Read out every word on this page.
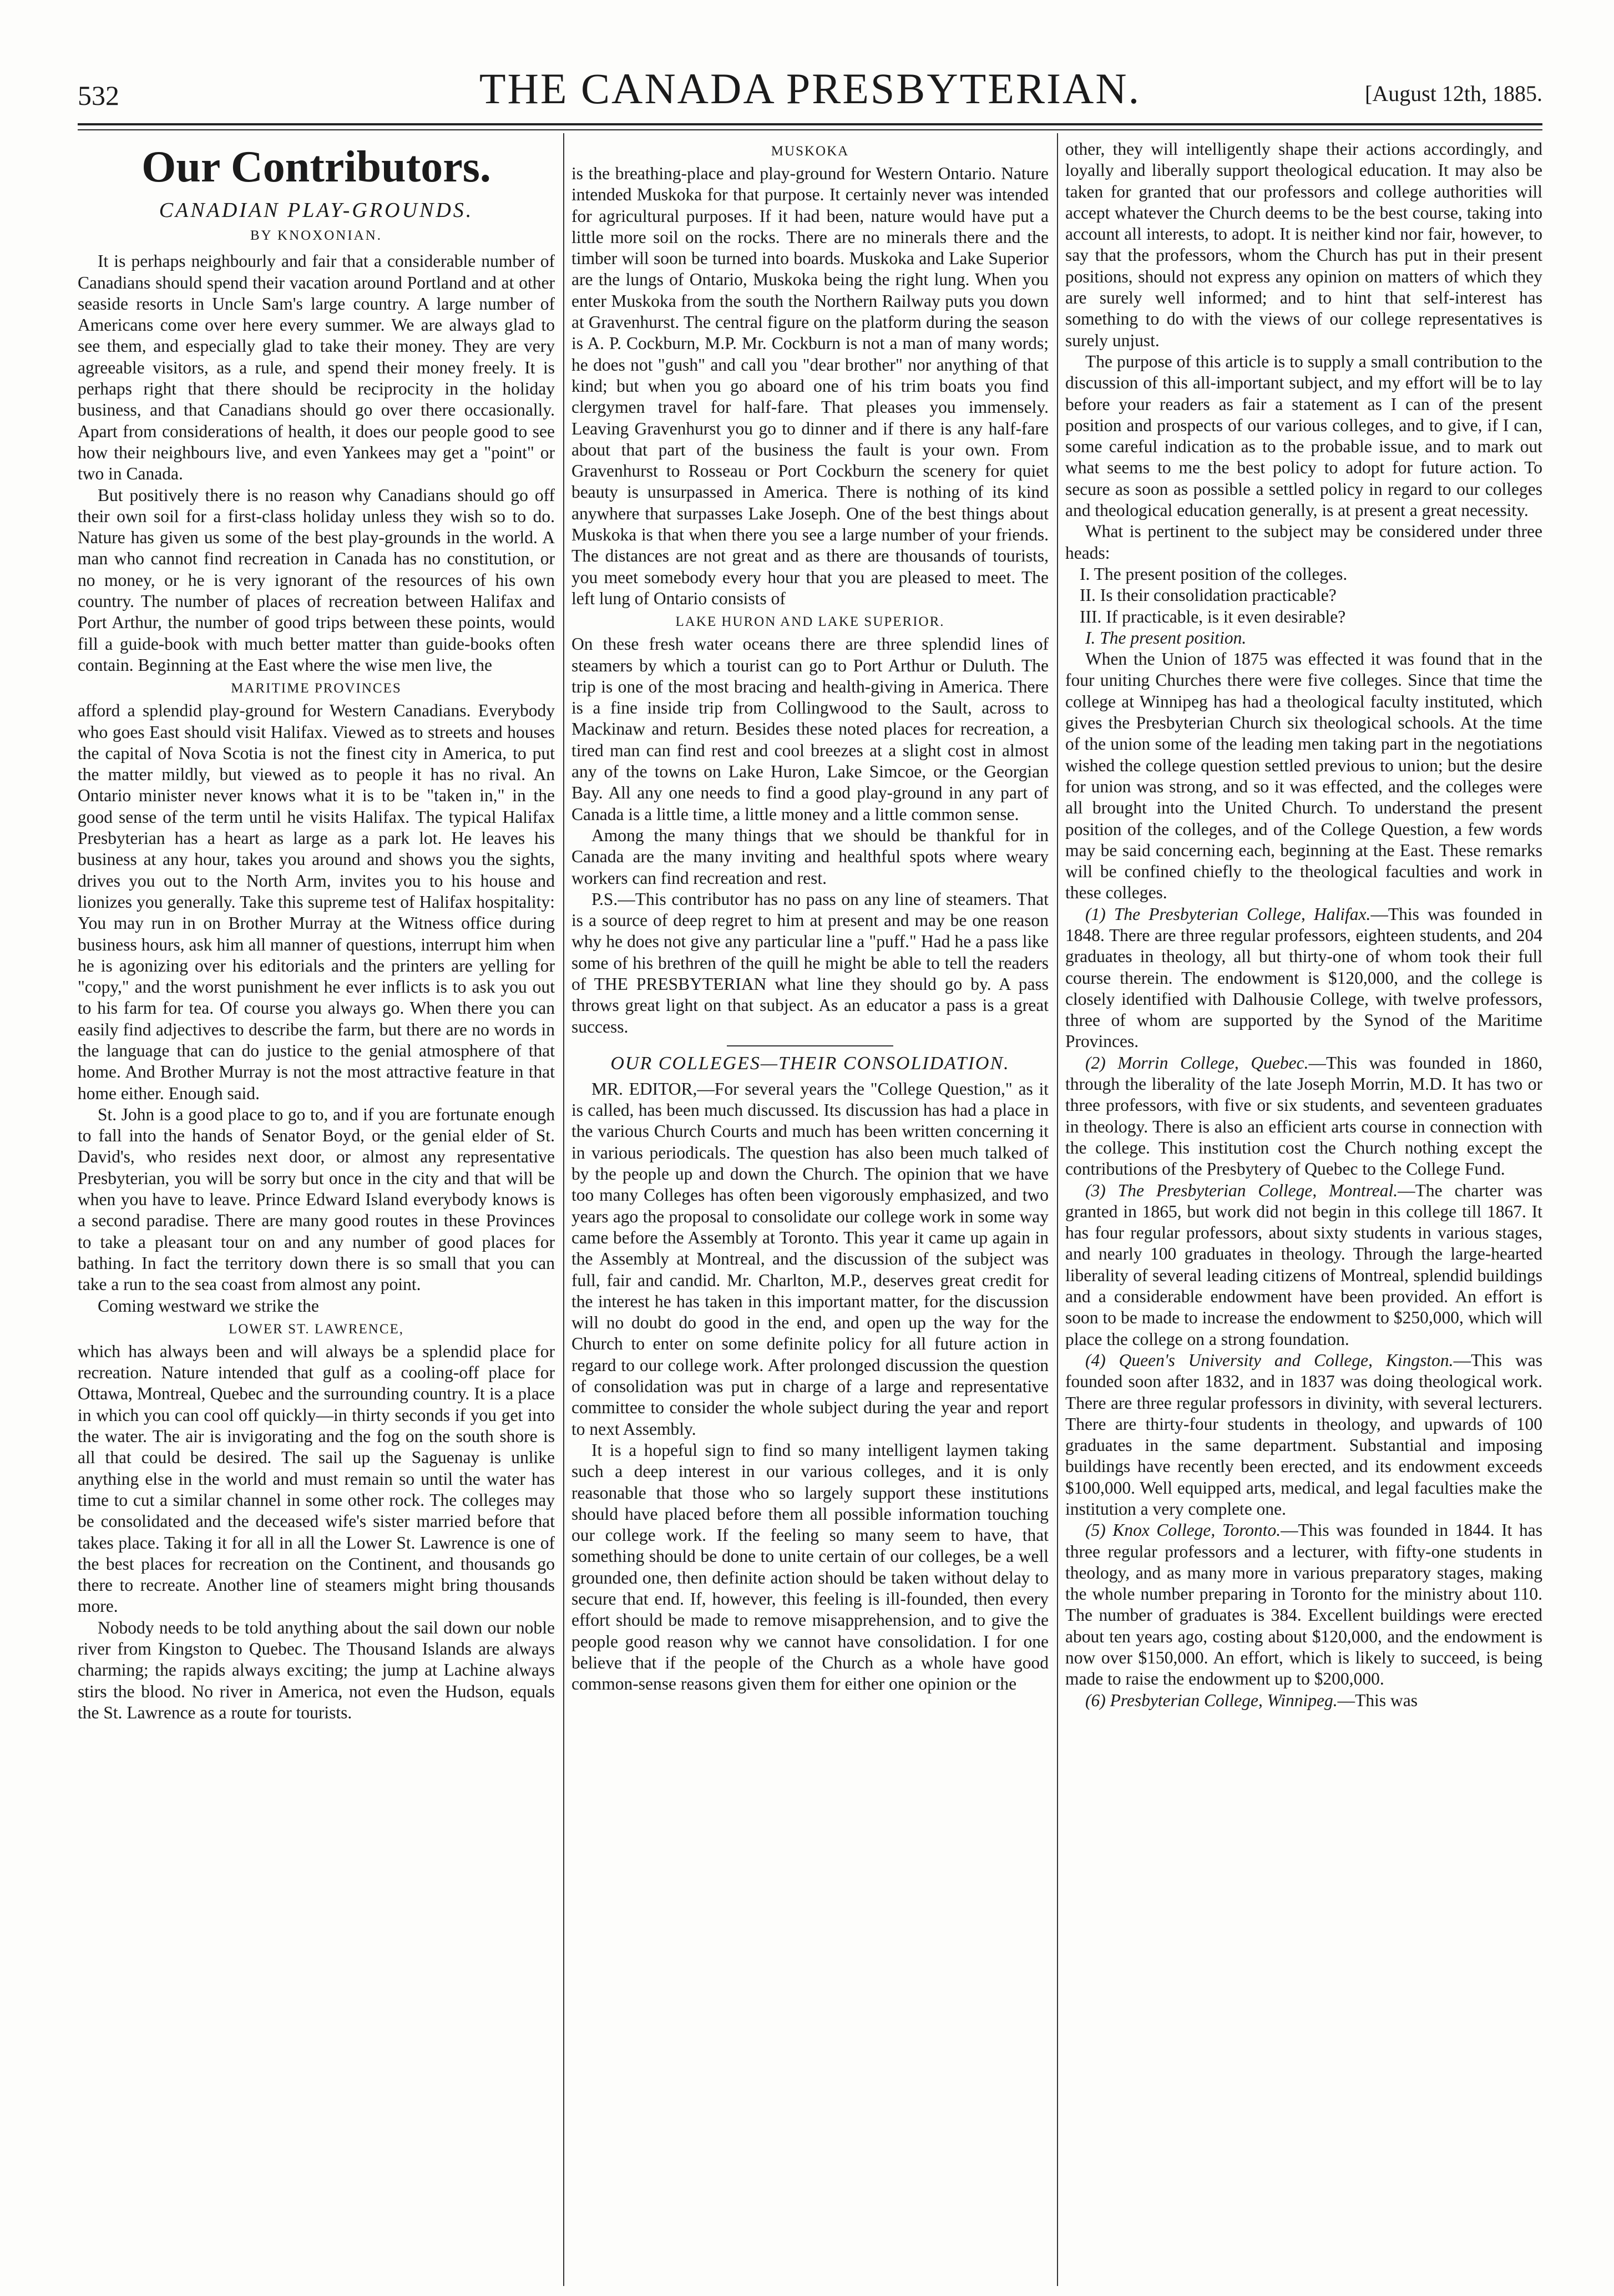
532	THE CANADA PRESBYTERIAN.	[August 12th, 1885.
Our Contributors.
CANADIAN PLAY-GROUNDS.
BY KNOXONIAN.

It is perhaps neighbourly and fair that a considerable number of Canadians should spend their vacation around Portland and at other seaside resorts in Uncle Sam's large country. A large number of Americans come over here every summer. We are always glad to see them, and especially glad to take their money. They are very agreeable visitors, as a rule, and spend their money freely. It is perhaps right that there should be reciprocity in the holiday business, and that Canadians should go over there occasionally. Apart from considerations of health, it does our people good to see how their neighbours live, and even Yankees may get a "point" or two in Canada.

But positively there is no reason why Canadians should go off their own soil for a first-class holiday unless they wish so to do. Nature has given us some of the best play-grounds in the world. A man who cannot find recreation in Canada has no constitution, or no money, or he is very ignorant of the resources of his own country. The number of places of recreation between Halifax and Port Arthur, the number of good trips between these points, would fill a guide-book with much better matter than guide-books often contain. Beginning at the East where the wise men live, the

MARITIME PROVINCES

afford a splendid play-ground for Western Canadians. Everybody who goes East should visit Halifax. Viewed as to streets and houses the capital of Nova Scotia is not the finest city in America, to put the matter mildly, but viewed as to people it has no rival. An Ontario minister never knows what it is to be "taken in," in the good sense of the term until he visits Halifax. The typical Halifax Presbyterian has a heart as large as a park lot. He leaves his business at any hour, takes you around and shows you the sights, drives you out to the North Arm, invites you to his house and lionizes you generally. Take this supreme test of Halifax hospitality: You may run in on Brother Murray at the Witness office during business hours, ask him all manner of questions, interrupt him when he is agonizing over his editorials and the printers are yelling for "copy," and the worst punishment he ever inflicts is to ask you out to his farm for tea. Of course you always go. When there you can easily find adjectives to describe the farm, but there are no words in the language that can do justice to the genial atmosphere of that home. And Brother Murray is not the most attractive feature in that home either. Enough said.

St. John is a good place to go to, and if you are fortunate enough to fall into the hands of Senator Boyd, or the genial elder of St. David's, who resides next door, or almost any representative Presbyterian, you will be sorry but once in the city and that will be when you have to leave. Prince Edward Island everybody knows is a second paradise. There are many good routes in these Provinces to take a pleasant tour on and any number of good places for bathing. In fact the territory down there is so small that you can take a run to the sea coast from almost any point.

Coming westward we strike the

LOWER ST. LAWRENCE,

which has always been and will always be a splendid place for recreation. Nature intended that gulf as a cooling-off place for Ottawa, Montreal, Quebec and the surrounding country. It is a place in which you can cool off quickly—in thirty seconds if you get into the water. The air is invigorating and the fog on the south shore is all that could be desired. The sail up the Saguenay is unlike anything else in the world and must remain so until the water has time to cut a similar channel in some other rock. The colleges may be consolidated and the deceased wife's sister married before that takes place. Taking it for all in all the Lower St. Lawrence is one of the best places for recreation on the Continent, and thousands go there to recreate. Another line of steamers might bring thousands more.

Nobody needs to be told anything about the sail down our noble river from Kingston to Quebec. The Thousand Islands are always charming; the rapids always exciting; the jump at Lachine always stirs the blood. No river in America, not even the Hudson, equals the St. Lawrence as a route for tourists.

MUSKOKA

is the breathing-place and play-ground for Western Ontario. Nature intended Muskoka for that purpose. It certainly never was intended for agricultural purposes. If it had been, nature would have put a little more soil on the rocks. There are no minerals there and the timber will soon be turned into boards. Muskoka and Lake Superior are the lungs of Ontario, Muskoka being the right lung. When you enter Muskoka from the south the Northern Railway puts you down at Gravenhurst. The central figure on the platform during the season is A. P. Cockburn, M.P. Mr. Cockburn is not a man of many words; he does not "gush" and call you "dear brother" nor anything of that kind; but when you go aboard one of his trim boats you find clergymen travel for half-fare. That pleases you immensely. Leaving Gravenhurst you go to dinner and if there is any half-fare about that part of the business the fault is your own. From Gravenhurst to Rosseau or Port Cockburn the scenery for quiet beauty is unsurpassed in America. There is nothing of its kind anywhere that surpasses Lake Joseph. One of the best things about Muskoka is that when there you see a large number of your friends. The distances are not great and as there are thousands of tourists, you meet somebody every hour that you are pleased to meet. The left lung of Ontario consists of

LAKE HURON AND LAKE SUPERIOR.

On these fresh water oceans there are three splendid lines of steamers by which a tourist can go to Port Arthur or Duluth. The trip is one of the most bracing and health-giving in America. There is a fine inside trip from Collingwood to the Sault, across to Mackinaw and return. Besides these noted places for recreation, a tired man can find rest and cool breezes at a slight cost in almost any of the towns on Lake Huron, Lake Simcoe, or the Georgian Bay. All any one needs to find a good play-ground in any part of Canada is a little time, a little money and a little common sense.

Among the many things that we should be thankful for in Canada are the many inviting and healthful spots where weary workers can find recreation and rest.

P.S.—This contributor has no pass on any line of steamers. That is a source of deep regret to him at present and may be one reason why he does not give any particular line a "puff." Had he a pass like some of his brethren of the quill he might be able to tell the readers of THE PRESBYTERIAN what line they should go by. A pass throws great light on that subject. As an educator a pass is a great success.

OUR COLLEGES—THEIR CONSOLIDATION.

MR. EDITOR,—For several years the "College Question," as it is called, has been much discussed. Its discussion has had a place in the various Church Courts and much has been written concerning it in various periodicals. The question has also been much talked of by the people up and down the Church. The opinion that we have too many Colleges has often been vigorously emphasized, and two years ago the proposal to consolidate our college work in some way came before the Assembly at Toronto. This year it came up again in the Assembly at Montreal, and the discussion of the subject was full, fair and candid. Mr. Charlton, M.P., deserves great credit for the interest he has taken in this important matter, for the discussion will no doubt do good in the end, and open up the way for the Church to enter on some definite policy for all future action in regard to our college work. After prolonged discussion the question of consolidation was put in charge of a large and representative committee to consider the whole subject during the year and report to next Assembly.

It is a hopeful sign to find so many intelligent laymen taking such a deep interest in our various colleges, and it is only reasonable that those who so largely support these institutions should have placed before them all possible information touching our college work. If the feeling so many seem to have, that something should be done to unite certain of our colleges, be a well grounded one, then definite action should be taken without delay to secure that end. If, however, this feeling is ill-founded, then every effort should be made to remove misapprehension, and to give the people good reason why we cannot have consolidation. I for one believe that if the people of the Church as a whole have good common-sense reasons given them for either one opinion or the

other, they will intelligently shape their actions accordingly, and loyally and liberally support theological education. It may also be taken for granted that our professors and college authorities will accept whatever the Church deems to be the best course, taking into account all interests, to adopt. It is neither kind nor fair, however, to say that the professors, whom the Church has put in their present positions, should not express any opinion on matters of which they are surely well informed; and to hint that self-interest has something to do with the views of our college representatives is surely unjust.

The purpose of this article is to supply a small contribution to the discussion of this all-important subject, and my effort will be to lay before your readers as fair a statement as I can of the present position and prospects of our various colleges, and to give, if I can, some careful indication as to the probable issue, and to mark out what seems to me the best policy to adopt for future action. To secure as soon as possible a settled policy in regard to our colleges and theological education generally, is at present a great necessity.

What is pertinent to the subject may be considered under three heads:

I. The present position of the colleges.
II. Is their consolidation practicable?
III. If practicable, is it even desirable?

I. The present position.

When the Union of 1875 was effected it was found that in the four uniting Churches there were five colleges. Since that time the college at Winnipeg has had a theological faculty instituted, which gives the Presbyterian Church six theological schools. At the time of the union some of the leading men taking part in the negotiations wished the college question settled previous to union; but the desire for union was strong, and so it was effected, and the colleges were all brought into the United Church. To understand the present position of the colleges, and of the College Question, a few words may be said concerning each, beginning at the East. These remarks will be confined chiefly to the theological faculties and work in these colleges.

(1) The Presbyterian College, Halifax.—This was founded in 1848. There are three regular professors, eighteen students, and 204 graduates in theology, all but thirty-one of whom took their full course therein. The endowment is $120,000, and the college is closely identified with Dalhousie College, with twelve professors, three of whom are supported by the Synod of the Maritime Provinces.

(2) Morrin College, Quebec.—This was founded in 1860, through the liberality of the late Joseph Morrin, M.D. It has two or three professors, with five or six students, and seventeen graduates in theology. There is also an efficient arts course in connection with the college. This institution cost the Church nothing except the contributions of the Presbytery of Quebec to the College Fund.

(3) The Presbyterian College, Montreal.—The charter was granted in 1865, but work did not begin in this college till 1867. It has four regular professors, about sixty students in various stages, and nearly 100 graduates in theology. Through the large-hearted liberality of several leading citizens of Montreal, splendid buildings and a considerable endowment have been provided. An effort is soon to be made to increase the endowment to $250,000, which will place the college on a strong foundation.

(4) Queen's University and College, Kingston.—This was founded soon after 1832, and in 1837 was doing theological work. There are three regular professors in divinity, with several lecturers. There are thirty-four students in theology, and upwards of 100 graduates in the same department. Substantial and imposing buildings have recently been erected, and its endowment exceeds $100,000. Well equipped arts, medical, and legal faculties make the institution a very complete one.

(5) Knox College, Toronto.—This was founded in 1844. It has three regular professors and a lecturer, with fifty-one students in theology, and as many more in various preparatory stages, making the whole number preparing in Toronto for the ministry about 110. The number of graduates is 384. Excellent buildings were erected about ten years ago, costing about $120,000, and the endowment is now over $150,000. An effort, which is likely to succeed, is being made to raise the endowment up to $200,000.

(6) Presbyterian College, Winnipeg.—This was
